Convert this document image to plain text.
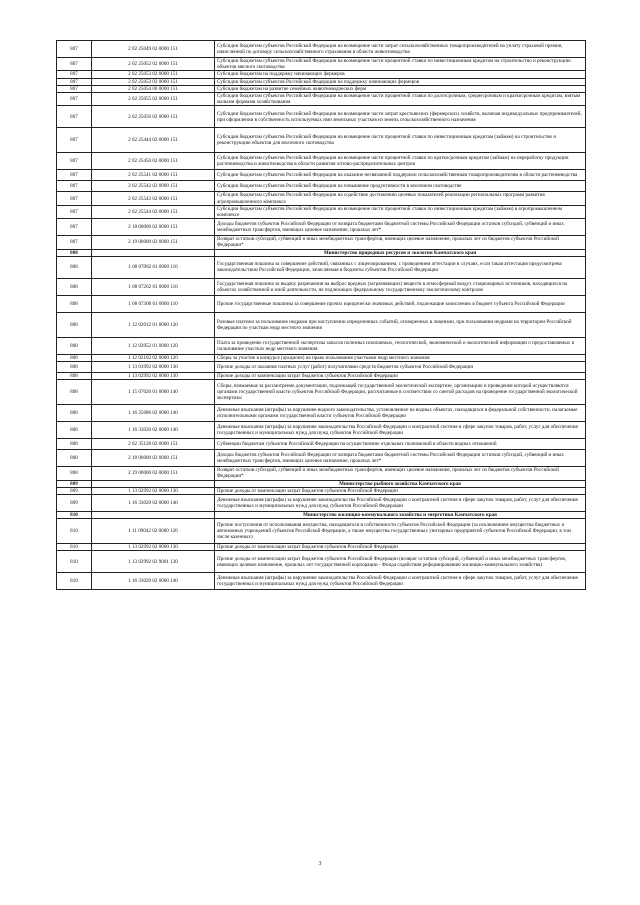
807	2 02 25049 02 0000 151	Субсидии бюджетам субъектов Российской Федерации на возмещение части затрат сельскохозяйственных товаропроизводителей на уплату страховой премии, начисленной по договору сельскохозяйственного страхования в области животноводства
807	2 02 25052 02 0000 151	Субсидии бюджетам субъектов Российской Федерации на возмещение части процентной ставки по инвестиционным кредитам на строительство и реконструкцию объектов мясного скотоводства
807	2 02 25053 02 0000 151	Субсидии бюджетам на поддержку начинающих фермеров
807	2 02 25053 02 0000 151	Субсидии бюджетам субъектов Российской Федерации на поддержку начинающих фермеров
807	2 02 25054 00 0000 151	Субсидии бюджетам на развитие семейных животноводческих ферм
807	2 02 25055 02 0000 151	Субсидии бюджетам субъектов Российской Федерации на возмещение части процентной ставки по долгосрочным, среднесрочным и краткосрочным кредитам, взятым малыми формами хозяйствования
807	2 02 25056 02 0000 151	Субсидии бюджетам субъектов Российской Федерации на возмещение части затрат крестьянских (фермерских) хозяйств, включая индивидуальных предпринимателей, при оформлении в собственность используемых ими земельных участков из земель сельскохозяйственного назначения
807	2 02 25444 02 0000 151	Субсидии бюджетам субъектов Российской Федерации на возмещение части процентной ставки по инвестиционным кредитам (займам) на строительство и реконструкцию объектов для молочного скотоводства
807	2 02 25450 02 0000 151	Субсидии бюджетам субъектов Российской Федерации на возмещение части процентной ставки по краткосрочным кредитам (займам) на переработку продукции растениеводства и животноводства в области развития оптово-распределительных центров
807	2 02 25541 02 0000 151	Субсидии бюджетам субъектов Российской Федерации на оказание несвязанной поддержки сельскохозяйственным товаропроизводителям в области растениеводства
807	2 02 25542 02 0000 151	Субсидии бюджетам субъектов Российской Федерации на повышение продуктивности в молочном скотоводстве
807	2 02 25543 02 0000 151	Субсидии бюджетам субъектов Российской Федерации на содействие достижению целевых показателей реализации региональных программ развития агропромышленного комплекса
807	2 02 25544 02 0000 151	Субсидии бюджетам субъектов Российской Федерации на возмещение части процентной ставки по инвестиционным кредитам (займам) в агропромышленном комплексе
807	2 18 00000 02 0000 151	Доходы бюджетов субъектов Российской Федерации от возврата бюджетами бюджетной системы Российской Федерации остатков субсидий, субвенций и иных межбюджетных трансфертов, имеющих целевое назначение, прошлых лет*
807	2 19 00000 02 0000 151	Возврат остатков субсидий, субвенций и иных межбюджетных трансфертов, имеющих целевое назначение, прошлых лет из бюджетов субъектов Российской Федерации*
808		Министерство природных ресурсов и экологии Камчатского края
808	1 08 07082 01 0000 110	Государственная пошлина за совершение действий, связанных с лицензированием, с проведением аттестации в случаях, если такая аттестация предусмотрена законодательством Российской Федерации, зачисляемая в бюджеты субъектов Российской Федерации
808	1 08 07262 01 0000 110	Государственная пошлина за выдачу разрешения на выброс вредных (загрязняющих) веществ в атмосферный воздух стационарных источников, находящихся на объектах хозяйственной и иной деятельности, не подлежащих федеральному государственному экологическому контролю
808	1 08 07300 01 0000 110	Прочие государственные пошлины за совершение прочих юридически значимых действий, подлежащие зачислению в бюджет субъекта Российской Федерации
808	1 12 02012 01 0000 120	Разовые платежи за пользование недрами при наступлении определенных событий, оговоренных в лицензии, при пользовании недрами на территории Российской Федерации по участкам недр местного значения
808	1 12 02052 01 0000 120	Плата за проведение государственной экспертизы запасов полезных ископаемых, геологической, экономической и экологической информации о предоставляемых в пользование участках недр местного значения
808	1 12 02102 02 0000 120	Сборы за участие в конкурсе (аукционе) на право пользования участками недр местного значения
808	1 13 01992 02 0000 130	Прочие доходы от оказания платных услуг (работ) получателями средств бюджетов субъектов Российской Федерации
808	1 13 02992 02 0000 130	Прочие доходы от компенсации затрат бюджетов субъектов Российской Федерации
808	1 15 07020 01 0000 140	Сборы, взимаемые за рассмотрение документации, подлежащей государственной экологической экспертизе, организацию и проведение которой осуществляются органами государственной власти субъектов Российской Федерации, рассчитанные в соответствии со сметой расходов на проведение государственной экологической экспертизы
808	1 16 25086 02 0000 140	Денежные взыскания (штрафы) за нарушение водного законодательства, установленное на водных объектах, находящихся в федеральной собственности, налагаемые исполнительными органами государственной власти субъектов Российской Федерации
808	1 16 33020 02 0000 140	Денежные взыскания (штрафы) за нарушение законодательства Российской Федерации о контрактной системе в сфере закупок товаров, работ, услуг для обеспечения государственных и муниципальных нужд для нужд субъектов Российской Федерации
808	2 02 35128 02 0000 151	Субвенции бюджетам субъектов Российской Федерации на осуществление отдельных полномочий в области водных отношений
808	2 18 00000 02 0000 151	Доходы бюджетов субъектов Российской Федерации от возврата бюджетами бюджетной системы Российской Федерации остатков субсидий, субвенций и иных межбюджетных трансфертов, имеющих целевое назначение, прошлых лет*
808	2 19 00000 02 0000 151	Возврат остатков субсидий, субвенций и иных межбюджетных трансфертов, имеющих целевое назначение, прошлых лет из бюджетов субъектов Российской Федерации*
809		Министерство рыбного хозяйства Камчатского края
809	1 13 02992 02 0000 130	Прочие доходы от компенсации затрат бюджетов субъектов Российской Федерации
809	1 16 33020 02 0000 140	Денежные взыскания (штрафы) за нарушение законодательства Российской Федерации о контрактной системе в сфере закупок товаров, работ, услуг для обеспечения государственных и муниципальных нужд для нужд субъектов Российской Федерации
810		Министерство жилищно-коммунального хозяйства и энергетики Камчатского края
810	1 11 09042 02 0000 120	Прочие поступления от использования имущества, находящегося в собственности субъектов Российской Федерации (за исключением имущества бюджетных и автономных учреждений субъектов Российской Федерации, а также имущества государственных унитарных предприятий субъектов Российской Федерации, в том числе казенных)
810	1 13 02992 02 0000 130	Прочие доходы от компенсации затрат бюджетов субъектов Российской Федерации
810	1 13 02992 02 9001 130	Прочие доходы от компенсации затрат бюджетов субъектов Российской Федерации (возврат остатков субсидий, субвенций и иных межбюджетных трансфертов, имеющих целевое назначение, прошлых лет государственной корпорации - Фонда содействия реформированию жилищно-коммунального хозяйства)
810	1 16 33020 02 0000 140	Денежные взыскания (штрафы) за нарушение законодательства Российской Федерации о контрактной системе в сфере закупок товаров, работ, услуг для обеспечения государственных и муниципальных нужд для нужд субъектов Российской Федерации
3
